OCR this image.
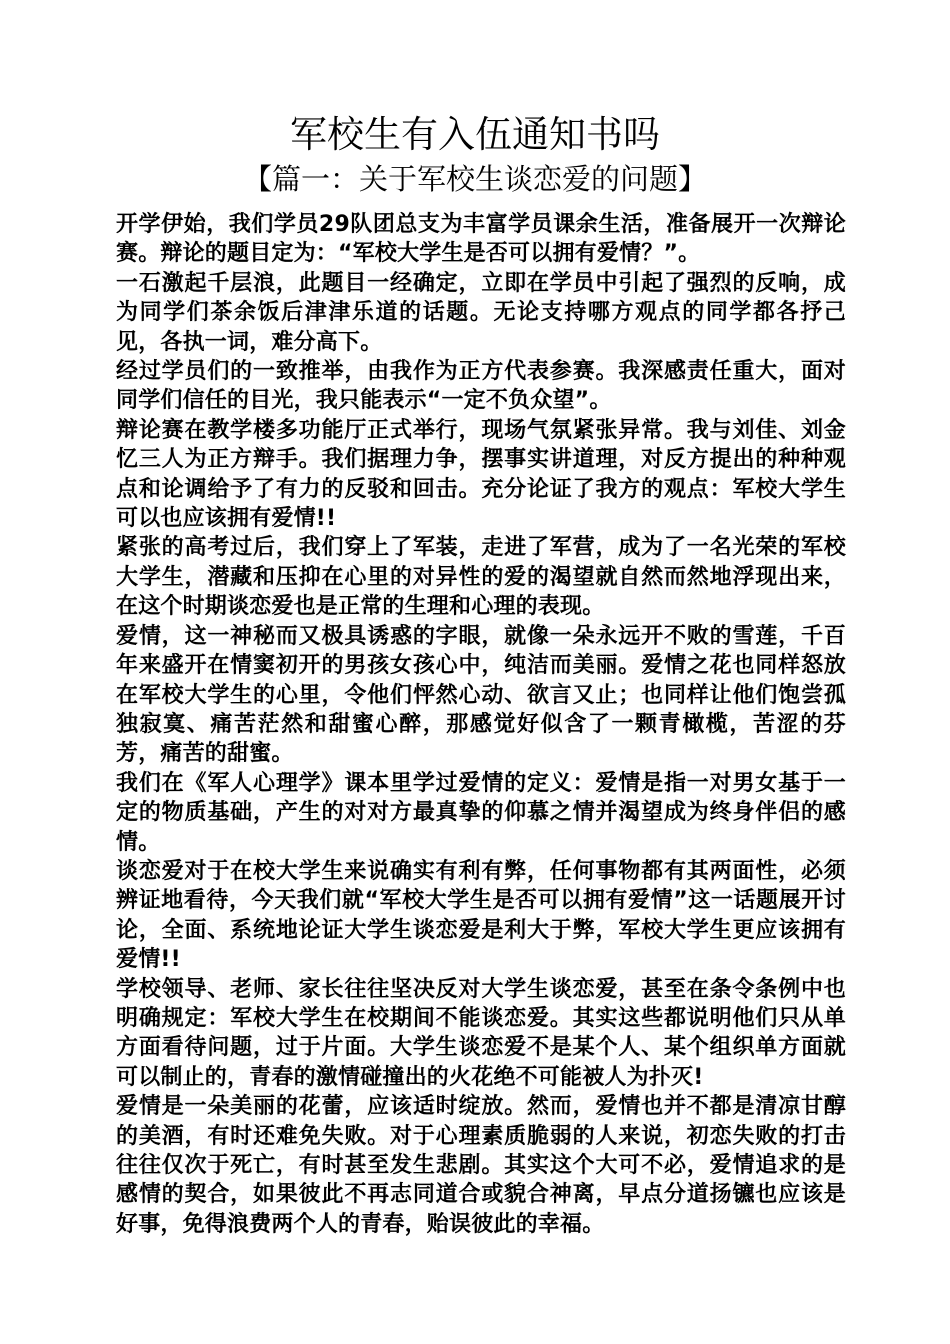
军校生有入伍通知书吗
【篇一：关于军校生谈恋爱的问题】

开学伊始，我们学员29队团总支为丰富学员课余生活，准备展开一次辩论赛。辩论的题目定为：“军校大学生是否可以拥有爱情？”。

一石激起千层浪，此题目一经确定，立即在学员中引起了强烈的反响，成为同学们茶余饭后津津乐道的话题。无论支持哪方观点的同学都各抒己见，各执一词，难分高下。

经过学员们的一致推举，由我作为正方代表参赛。我深感责任重大，面对同学们信任的目光，我只能表示“一定不负众望”。

辩论赛在教学楼多功能厅正式举行，现场气氛紧张异常。我与刘佳、刘金忆三人为正方辩手。我们据理力争，摆事实讲道理，对反方提出的种种观点和论调给予了有力的反驳和回击。充分论证了我方的观点：军校大学生可以也应该拥有爱情!!

紧张的高考过后，我们穿上了军装，走进了军营，成为了一名光荣的军校大学生，潜藏和压抑在心里的对异性的爱的渴望就自然而然地浮现出来，在这个时期谈恋爱也是正常的生理和心理的表现。

爱情，这一神秘而又极具诱惑的字眼，就像一朵永远开不败的雪莲，千百年来盛开在情窦初开的男孩女孩心中，纯洁而美丽。爱情之花也同样怒放在军校大学生的心里，令他们怦然心动、欲言又止；也同样让他们饱尝孤独寂寞、痛苦茫然和甜蜜心醉，那感觉好似含了一颗青橄榄，苦涩的芬芳，痛苦的甜蜜。

我们在《军人心理学》课本里学过爱情的定义：爱情是指一对男女基于一定的物质基础，产生的对对方最真挚的仰慕之情并渴望成为终身伴侣的感情。

谈恋爱对于在校大学生来说确实有利有弊，任何事物都有其两面性，必须辨证地看待，今天我们就“军校大学生是否可以拥有爱情”这一话题展开讨论，全面、系统地论证大学生谈恋爱是利大于弊，军校大学生更应该拥有爱情!!

学校领导、老师、家长往往坚决反对大学生谈恋爱，甚至在条令条例中也明确规定：军校大学生在校期间不能谈恋爱。其实这些都说明他们只从单方面看待问题，过于片面。大学生谈恋爱不是某个人、某个组织单方面就可以制止的，青春的激情碰撞出的火花绝不可能被人为扑灭!

爱情是一朵美丽的花蕾，应该适时绽放。然而，爱情也并不都是清凉甘醇的美酒，有时还难免失败。对于心理素质脆弱的人来说，初恋失败的打击往往仅次于死亡，有时甚至发生悲剧。其实这个大可不必，爱情追求的是感情的契合，如果彼此不再志同道合或貌合神离，早点分道扬镳也应该是好事，免得浪费两个人的青春，贻误彼此的幸福。
